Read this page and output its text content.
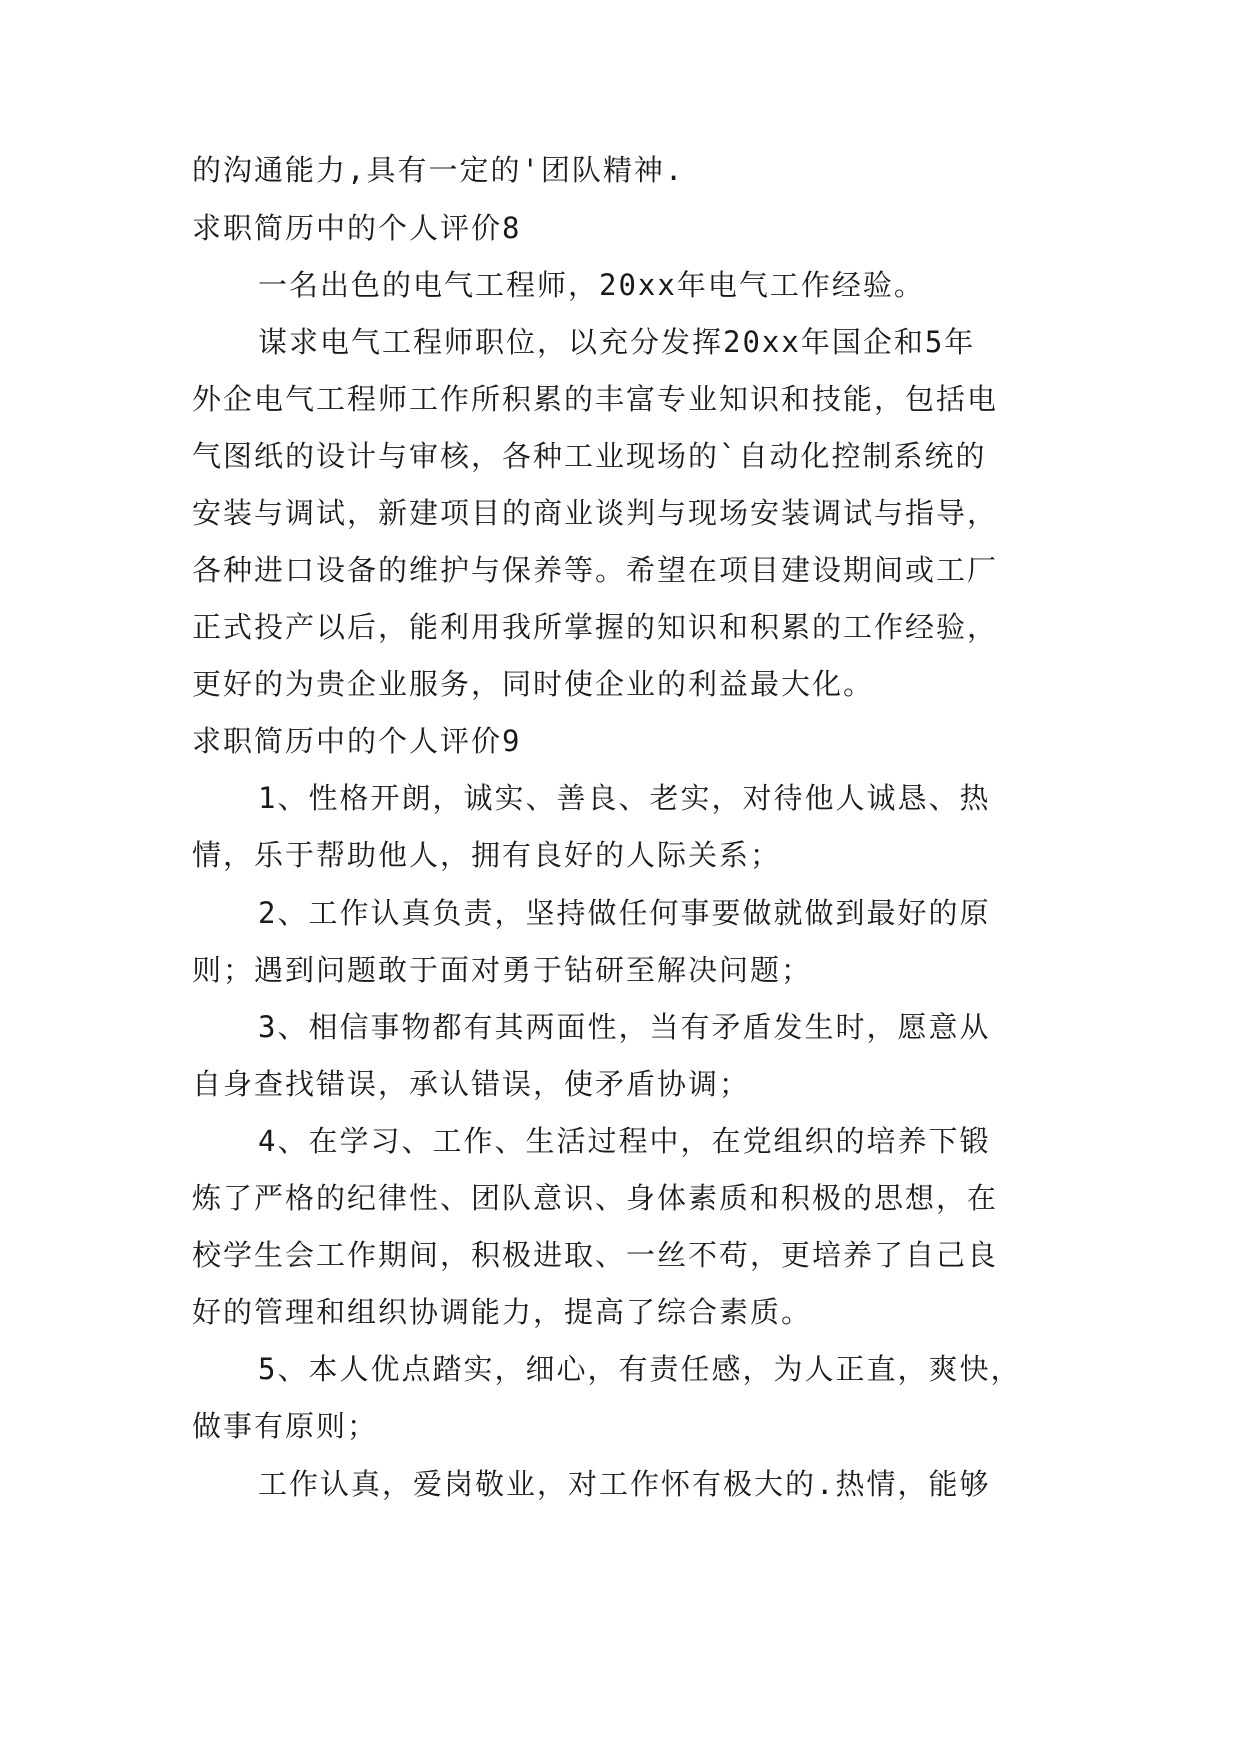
的沟通能力,具有一定的'团队精神.
求职简历中的个人评价8
一名出色的电气工程师，20xx年电气工作经验。
谋求电气工程师职位，以充分发挥20xx年国企和5年
外企电气工程师工作所积累的丰富专业知识和技能，包括电
气图纸的设计与审核，各种工业现场的`自动化控制系统的
安装与调试，新建项目的商业谈判与现场安装调试与指导，
各种进口设备的维护与保养等。希望在项目建设期间或工厂
正式投产以后，能利用我所掌握的知识和积累的工作经验，
更好的为贵企业服务，同时使企业的利益最大化。
求职简历中的个人评价9
1、性格开朗，诚实、善良、老实，对待他人诚恳、热
情，乐于帮助他人，拥有良好的人际关系；
2、工作认真负责，坚持做任何事要做就做到最好的原
则；遇到问题敢于面对勇于钻研至解决问题；
3、相信事物都有其两面性，当有矛盾发生时，愿意从
自身查找错误，承认错误，使矛盾协调；
4、在学习、工作、生活过程中，在党组织的培养下锻
炼了严格的纪律性、团队意识、身体素质和积极的思想，在
校学生会工作期间，积极进取、一丝不苟，更培养了自己良
好的管理和组织协调能力，提高了综合素质。
5、本人优点踏实，细心，有责任感，为人正直，爽快，
做事有原则；
工作认真，爱岗敬业，对工作怀有极大的.热情，能够
